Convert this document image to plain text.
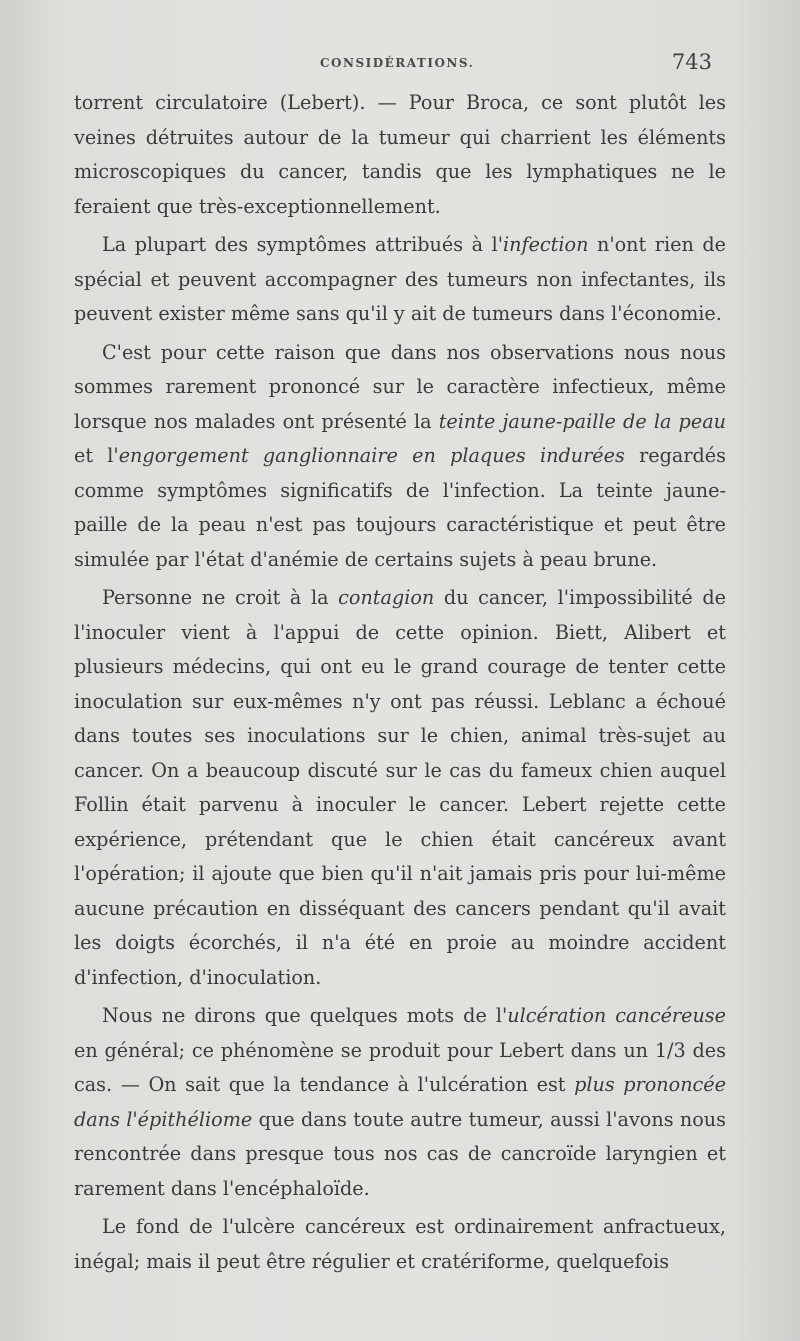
CONSIDÉRATIONS.	743

torrent circulatoire (Lebert). — Pour Broca, ce sont plutôt les veines détruites autour de la tumeur qui charrient les éléments microscopiques du cancer, tandis que les lymphatiques ne le feraient que très-exceptionnellement.

La plupart des symptômes attribués à l'infection n'ont rien de spécial et peuvent accompagner des tumeurs non infectantes, ils peuvent exister même sans qu'il y ait de tumeurs dans l'économie.

C'est pour cette raison que dans nos observations nous nous sommes rarement prononcé sur le caractère infectieux, même lorsque nos malades ont présenté la teinte jaune-paille de la peau et l'engorgement ganglionnaire en plaques indurées regardés comme symptômes significatifs de l'infection. La teinte jaune-paille de la peau n'est pas toujours caractéristique et peut être simulée par l'état d'anémie de certains sujets à peau brune.

Personne ne croit à la contagion du cancer, l'impossibilité de l'inoculer vient à l'appui de cette opinion. Biett, Alibert et plusieurs médecins, qui ont eu le grand courage de tenter cette inoculation sur eux-mêmes n'y ont pas réussi. Leblanc a échoué dans toutes ses inoculations sur le chien, animal très-sujet au cancer. On a beaucoup discuté sur le cas du fameux chien auquel Follin était parvenu à inoculer le cancer. Lebert rejette cette expérience, prétendant que le chien était cancéreux avant l'opération; il ajoute que bien qu'il n'ait jamais pris pour lui-même aucune précaution en disséquant des cancers pendant qu'il avait les doigts écorchés, il n'a été en proie au moindre accident d'infection, d'inoculation.

Nous ne dirons que quelques mots de l'ulcération cancéreuse en général; ce phénomène se produit pour Lebert dans un 1/3 des cas. — On sait que la tendance à l'ulcération est plus prononcée dans l'épithéliome que dans toute autre tumeur, aussi l'avons nous rencontrée dans presque tous nos cas de cancroïde laryngien et rarement dans l'encéphaloïde.

Le fond de l'ulcère cancéreux est ordinairement anfractueux, inégal; mais il peut être régulier et cratériforme, quelquefois
